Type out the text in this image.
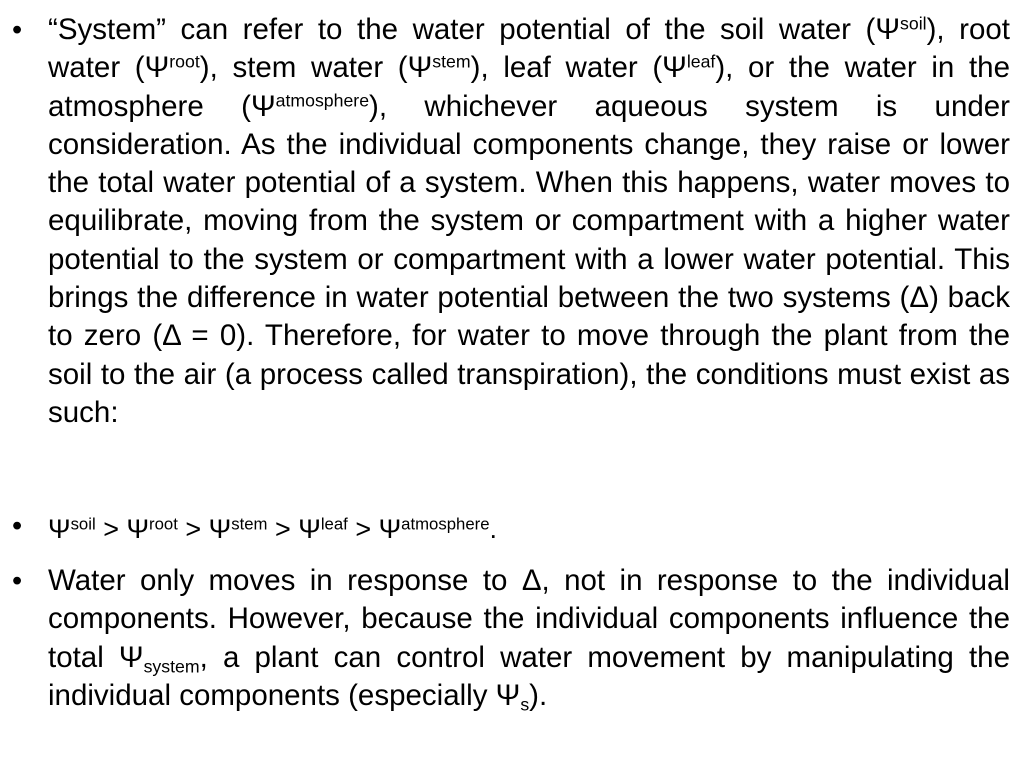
• “System” can refer to the water potential of the soil water $(\Psi^{soil})$, root water $(\Psi^{root})$, stem water $(\Psi^{stem})$, leaf water $(\Psi^{leaf})$, or the water in the atmosphere $(\Psi^{atmosphere})$, whichever aqueous system is under consideration. As the individual components change, they raise or lower the total water potential of a system. When this happens, water moves to equilibrate, moving from the system or compartment with a higher water potential to the system or compartment with a lower water potential. This brings the difference in water potential between the two systems (Δ) back to zero (Δ = 0). Therefore, for water to move through the plant from the soil to the air (a process called transpiration), the conditions must exist as such:
• $\Psi^{soil} > \Psi^{root} > \Psi^{stem} > \Psi^{leaf} > \Psi^{atmosphere}$.
• Water only moves in response to Δ, not in response to the individual components. However, because the individual components influence the total $\Psi_{system}$, a plant can control water movement by manipulating the individual components (especially $\Psi_s$).
